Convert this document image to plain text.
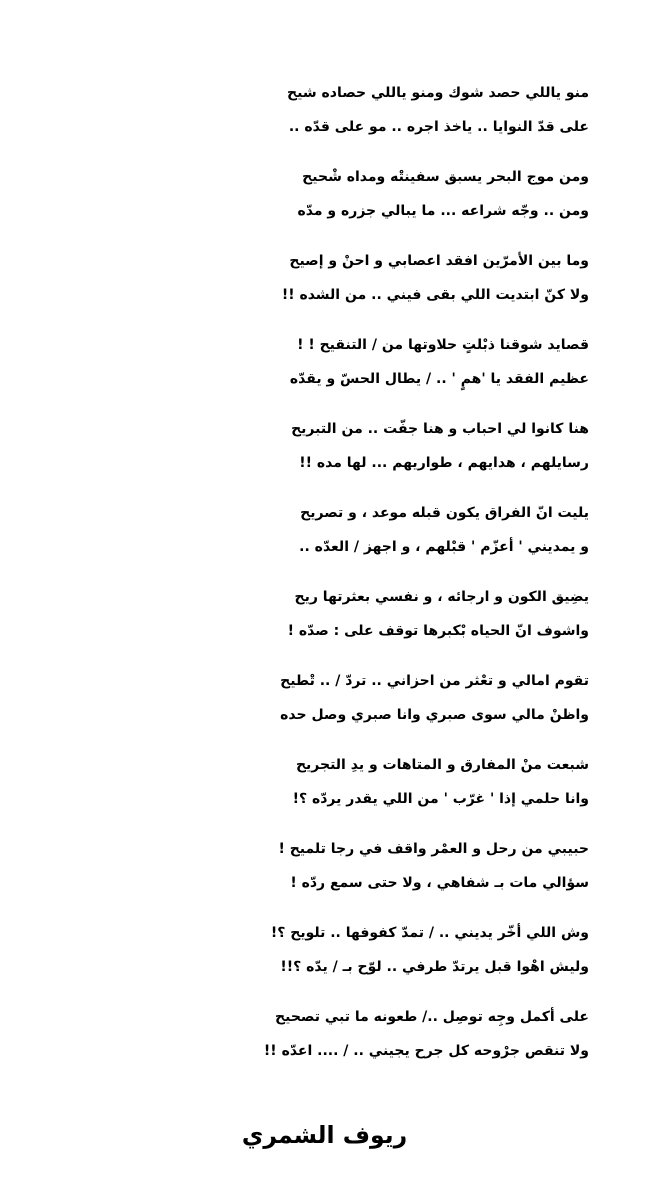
منو ياللي حصد شوك ومنو ياللي حصاده شيح
على قدّ النوايا .. ياخذ اجره .. مو على قدّه ..
ومن موج البحر يسبق سفينتْه ومداه شْحيح
ومن .. وجّه شراعه ... ما يبالي جزره و مدّه
وما بين الأمرّين افقد اعصابي و احنْ و إصيح
ولا كنّ ابتديت اللي بقى فيني .. من الشده !!
قصايد شوقنا ذبْلتٍ حلاوتها من / التنقيح ! !
عظيم الفقد يا 'همٍ ' .. / يطال الحسّ و يقدّه
هنا كانوا لي احباب و هنا جفّت .. من التبريح
رسايلهم ، هدايهم ، طواريهم ... لها مده !!
يليت انّ الفراق يكون قبله موعد ، و تصريح
و يمديني ' أعزّم ' قبْلهم ، و اجهز / العدّه ..
يضِيق الكون و ارجائه ، و نفسي بعثرتها ريح
واشوف انّ الحياه بْكبرها توقف على : صدّه !
تقوم امالي و تعْثر من احزاني .. تردّ / .. تْطيح
واظنْ مالي سوى صبري وانا صبري وصل حده
شبعت منْ المفارق و المتاهات و يدِ التجريح
وانا حلمي إذا ' غرّب ' من اللي يقدر يردّه ؟!
حبيبي من رحل و العمْر واقف في رجا تلميح !
سؤالي مات بـ شفاهي ، ولا حتى سمع ردّه !
وش اللي أخّر يديني .. / تمدّ كفوفها .. تلويح ؟!
وليش اهْوا قبل يرتدّ طرفي .. لوّح بـ / يدّه ؟!!
على أكمل وجِه توصِل ../ طعونه ما تبي تصحيح
ولا تنقص جرْوحه كل جرح يجيني .. / .... اعدّه !!
ريوف الشمري
